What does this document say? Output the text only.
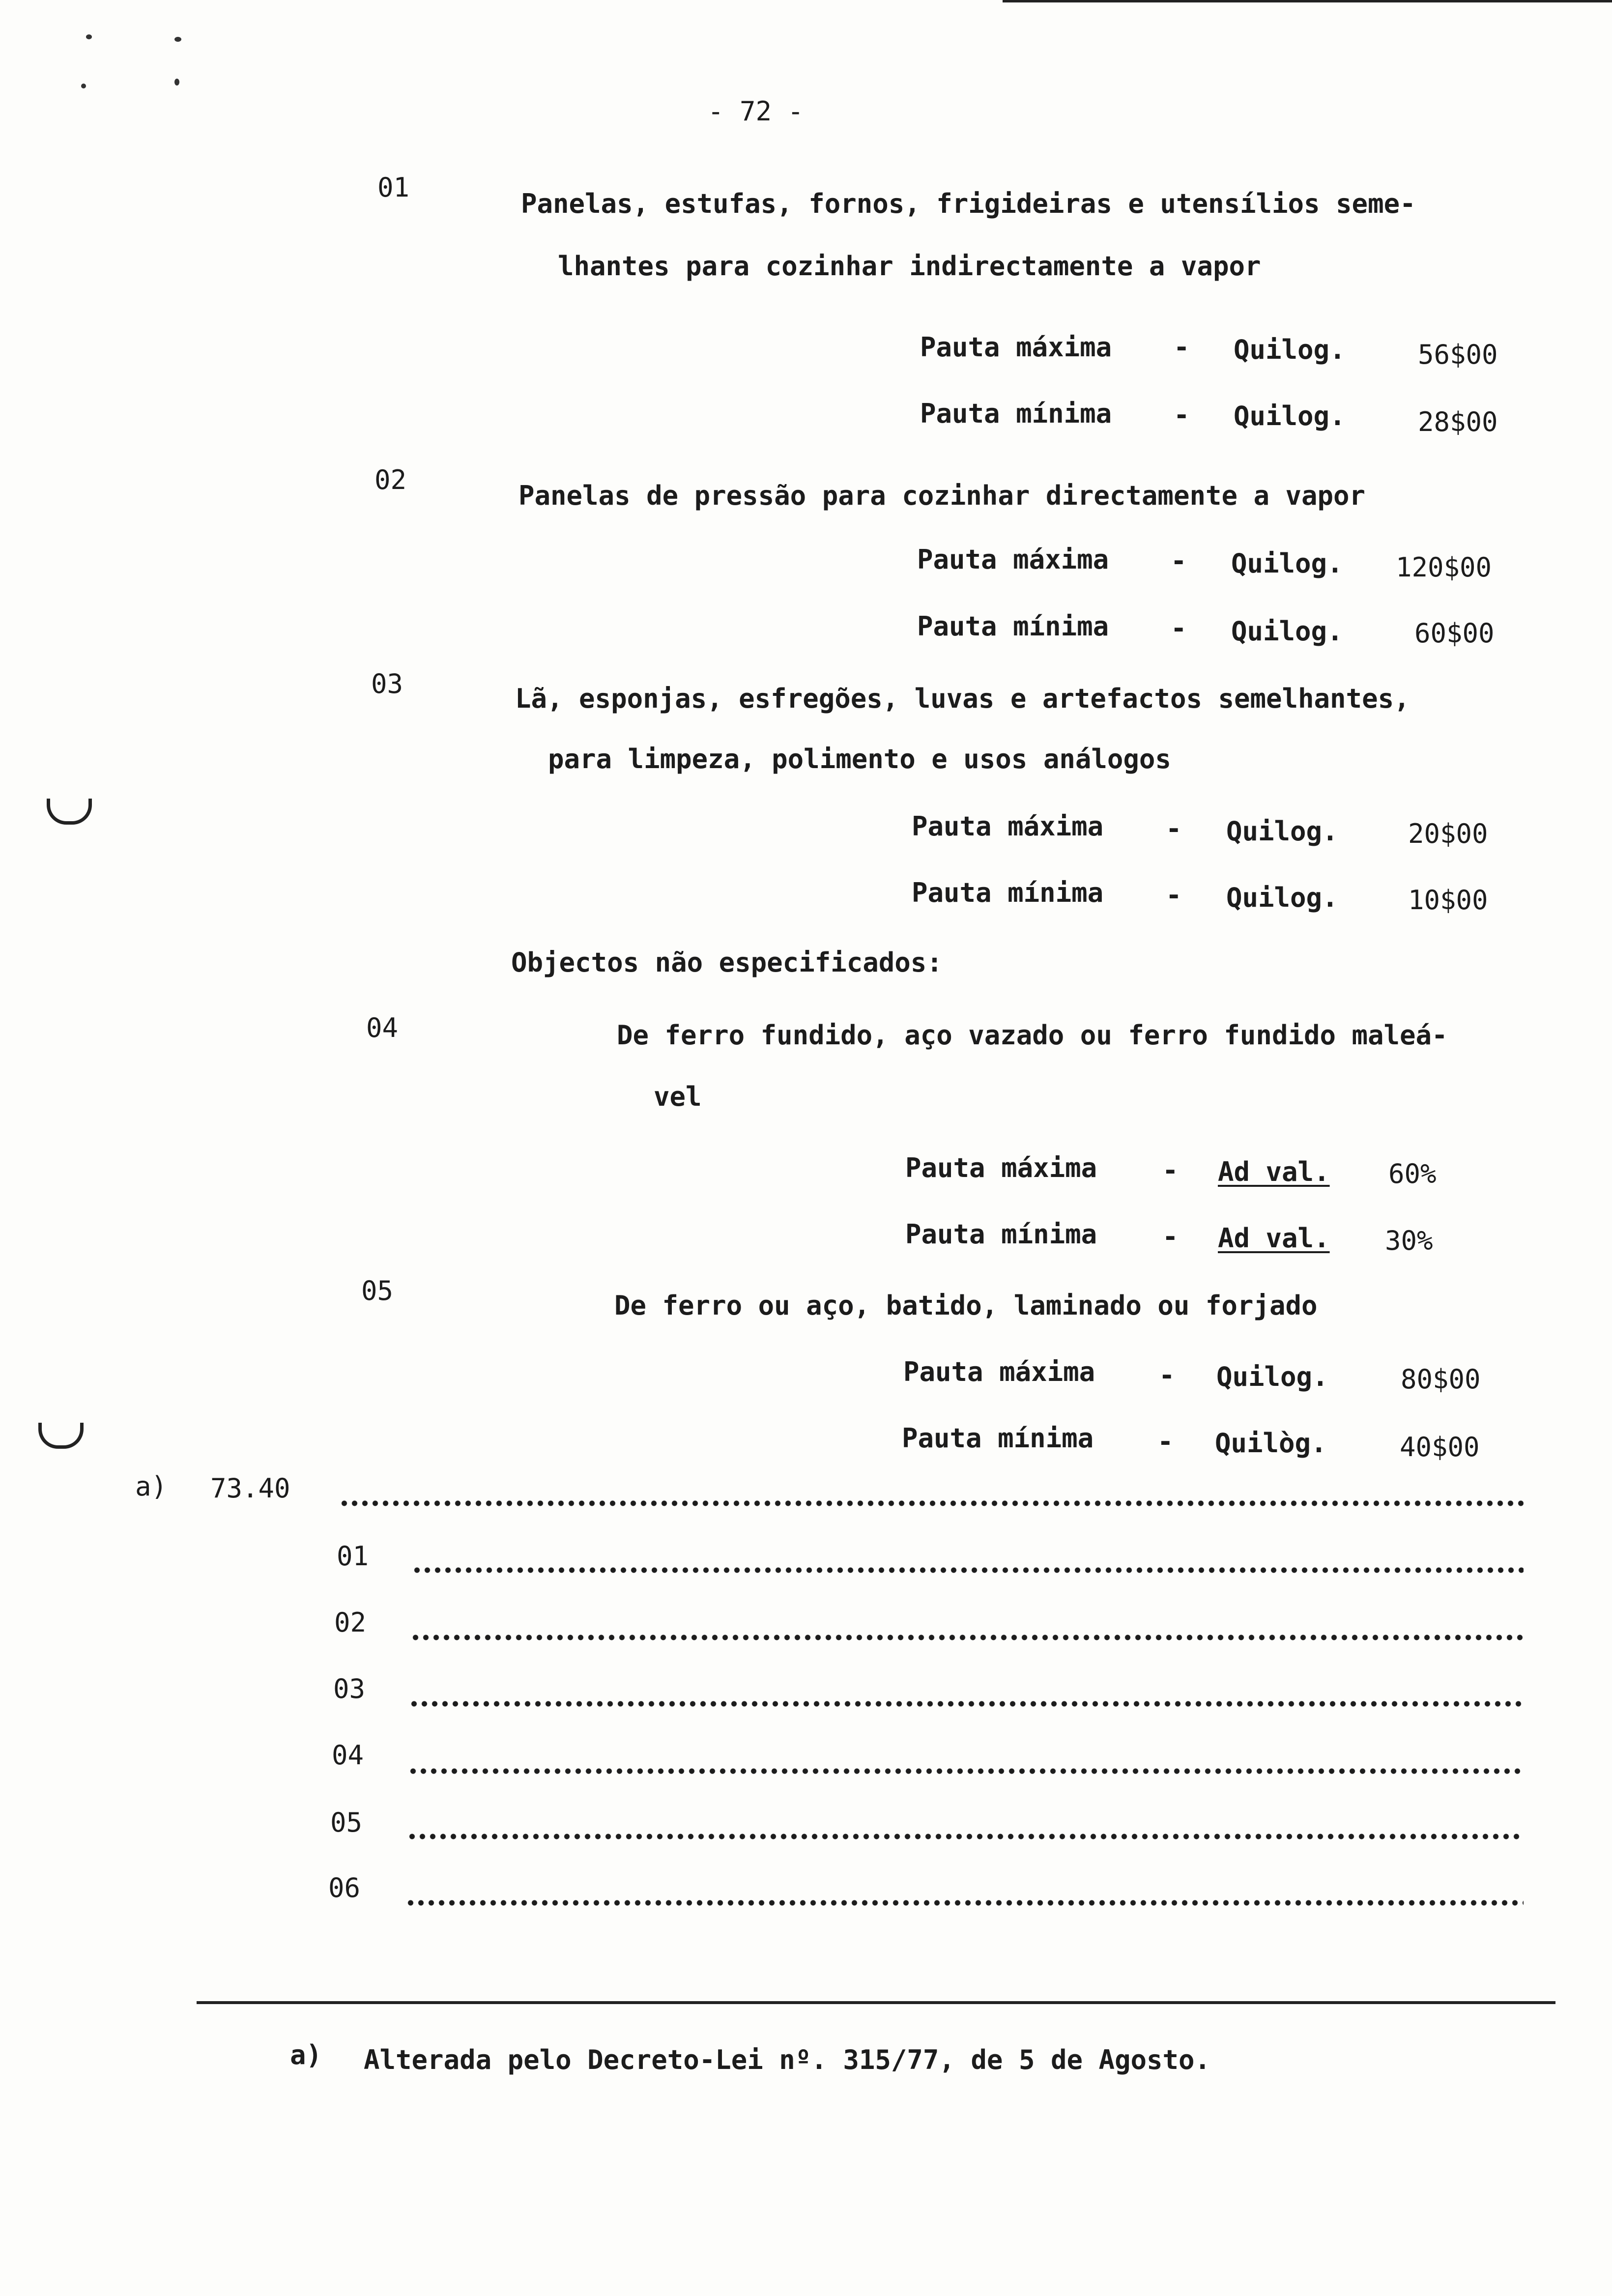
- 72 -
01
Panelas, estufas, fornos, frigideiras e utensílios seme-
lhantes para cozinhar indirectamente a vapor
Pauta máxima - Quilog.	56$00
Pauta mínima - Quilog.	28$00
02
Panelas de pressão para cozinhar directamente a vapor
Pauta máxima - Quilog. 120$00
Pauta mínima - Quilog.	60$00
03	Lã, esponjas, esfregões, luvas e artefactos semelhantes,
para limpeza, polimento e usos análogos
Pauta máxima - Quilog.	20$00
Pauta mínima - Quilog.	10$00
Objectos não especificados:
04	De ferro fundido, aço vazado ou ferro fundido maleá-
vel
Pauta máxima - Ad val. 60%
Pauta mínima - Ad val. 30%
05	De ferro ou aço, batido, laminado ou forjado
Pauta máxima - Quilog.	80$00
Pauta mínima - Quilòg.	40$00
a) 73.40
01
02
03
04
05
06
a) Alterada pelo Decreto-Lei nº. 315/77, de 5 de Agosto.
